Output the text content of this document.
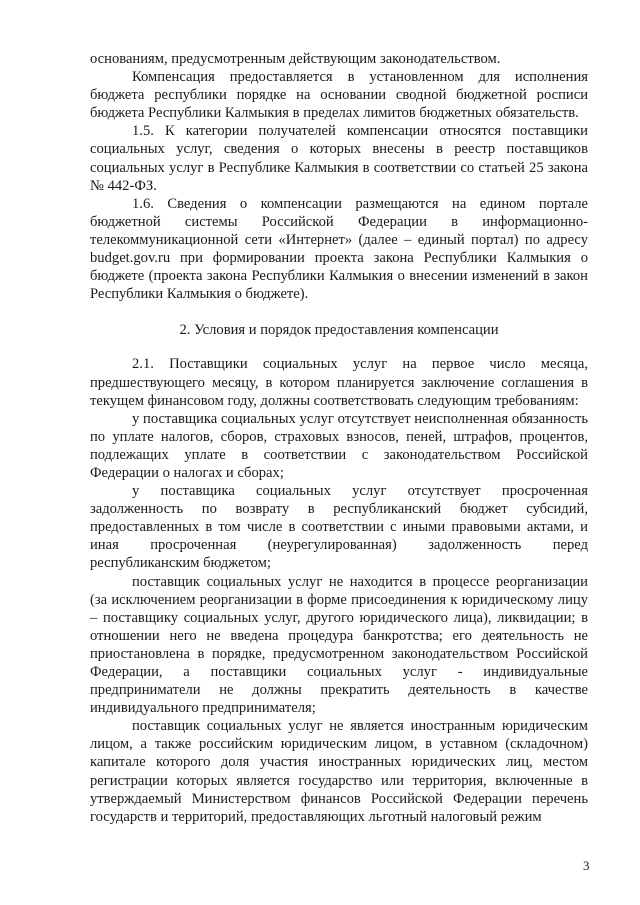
основаниям, предусмотренным действующим законодательством.

Компенсация предоставляется в установленном для исполнения бюджета республики порядке на основании сводной бюджетной росписи бюджета Республики Калмыкия в пределах лимитов бюджетных обязательств.

1.5. К категории получателей компенсации относятся поставщики социальных услуг, сведения о которых внесены в реестр поставщиков социальных услуг в Республике Калмыкия в соответствии со статьей 25 закона № 442-ФЗ.

1.6. Сведения о компенсации размещаются на едином портале бюджетной системы Российской Федерации в информационно-телекоммуникационной сети «Интернет» (далее – единый портал) по адресу budget.gov.ru при формировании проекта закона Республики Калмыкия о бюджете (проекта закона Республики Калмыкия о внесении изменений в закон Республики Калмыкия о бюджете).

2. Условия и порядок предоставления компенсации

2.1. Поставщики социальных услуг на первое число месяца, предшествующего месяцу, в котором планируется заключение соглашения в текущем финансовом году, должны соответствовать следующим требованиям:

у поставщика социальных услуг отсутствует неисполненная обязанность по уплате налогов, сборов, страховых взносов, пеней, штрафов, процентов, подлежащих уплате в соответствии с законодательством Российской Федерации о налогах и сборах;

у поставщика социальных услуг отсутствует просроченная задолженность по возврату в республиканский бюджет субсидий, предоставленных в том числе в соответствии с иными правовыми актами, и иная просроченная (неурегулированная) задолженность перед республиканским бюджетом;

поставщик социальных услуг не находится в процессе реорганизации (за исключением реорганизации в форме присоединения к юридическому лицу – поставщику социальных услуг, другого юридического лица), ликвидации; в отношении него не введена процедура банкротства; его деятельность не приостановлена в порядке, предусмотренном законодательством Российской Федерации, а поставщики социальных услуг - индивидуальные предприниматели не должны прекратить деятельность в качестве индивидуального предпринимателя;

поставщик социальных услуг не является иностранным юридическим лицом, а также российским юридическим лицом, в уставном (складочном) капитале которого доля участия иностранных юридических лиц, местом регистрации которых является государство или территория, включенные в утверждаемый Министерством финансов Российской Федерации перечень государств и территорий, предоставляющих льготный налоговый режим

3
